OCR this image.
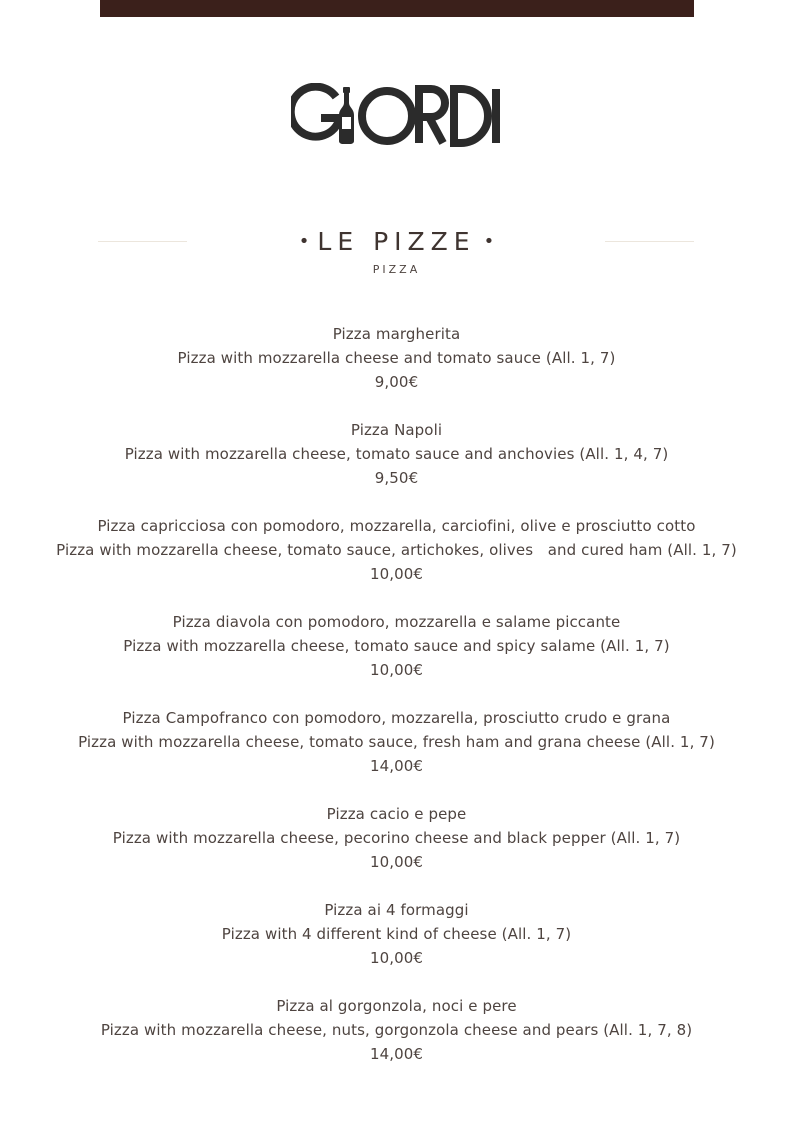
• LE PIZZE •
PIZZA
Pizza margherita
Pizza with mozzarella cheese and tomato sauce (All. 1, 7)
9,00€
Pizza Napoli
Pizza with mozzarella cheese, tomato sauce and anchovies (All. 1, 4, 7)
9,50€
Pizza capricciosa con pomodoro, mozzarella, carciofini, olive e prosciutto cotto
Pizza with mozzarella cheese, tomato sauce, artichokes, olives   and cured ham (All. 1, 7)
10,00€
Pizza diavola con pomodoro, mozzarella e salame piccante
Pizza with mozzarella cheese, tomato sauce and spicy salame (All. 1, 7)
10,00€
Pizza Campofranco con pomodoro, mozzarella, prosciutto crudo e grana
Pizza with mozzarella cheese, tomato sauce, fresh ham and grana cheese (All. 1, 7)
14,00€
Pizza cacio e pepe
Pizza with mozzarella cheese, pecorino cheese and black pepper (All. 1, 7)
10,00€
Pizza ai 4 formaggi
Pizza with 4 different kind of cheese (All. 1, 7)
10,00€
Pizza al gorgonzola, noci e pere
Pizza with mozzarella cheese, nuts, gorgonzola cheese and pears (All. 1, 7, 8)
14,00€
